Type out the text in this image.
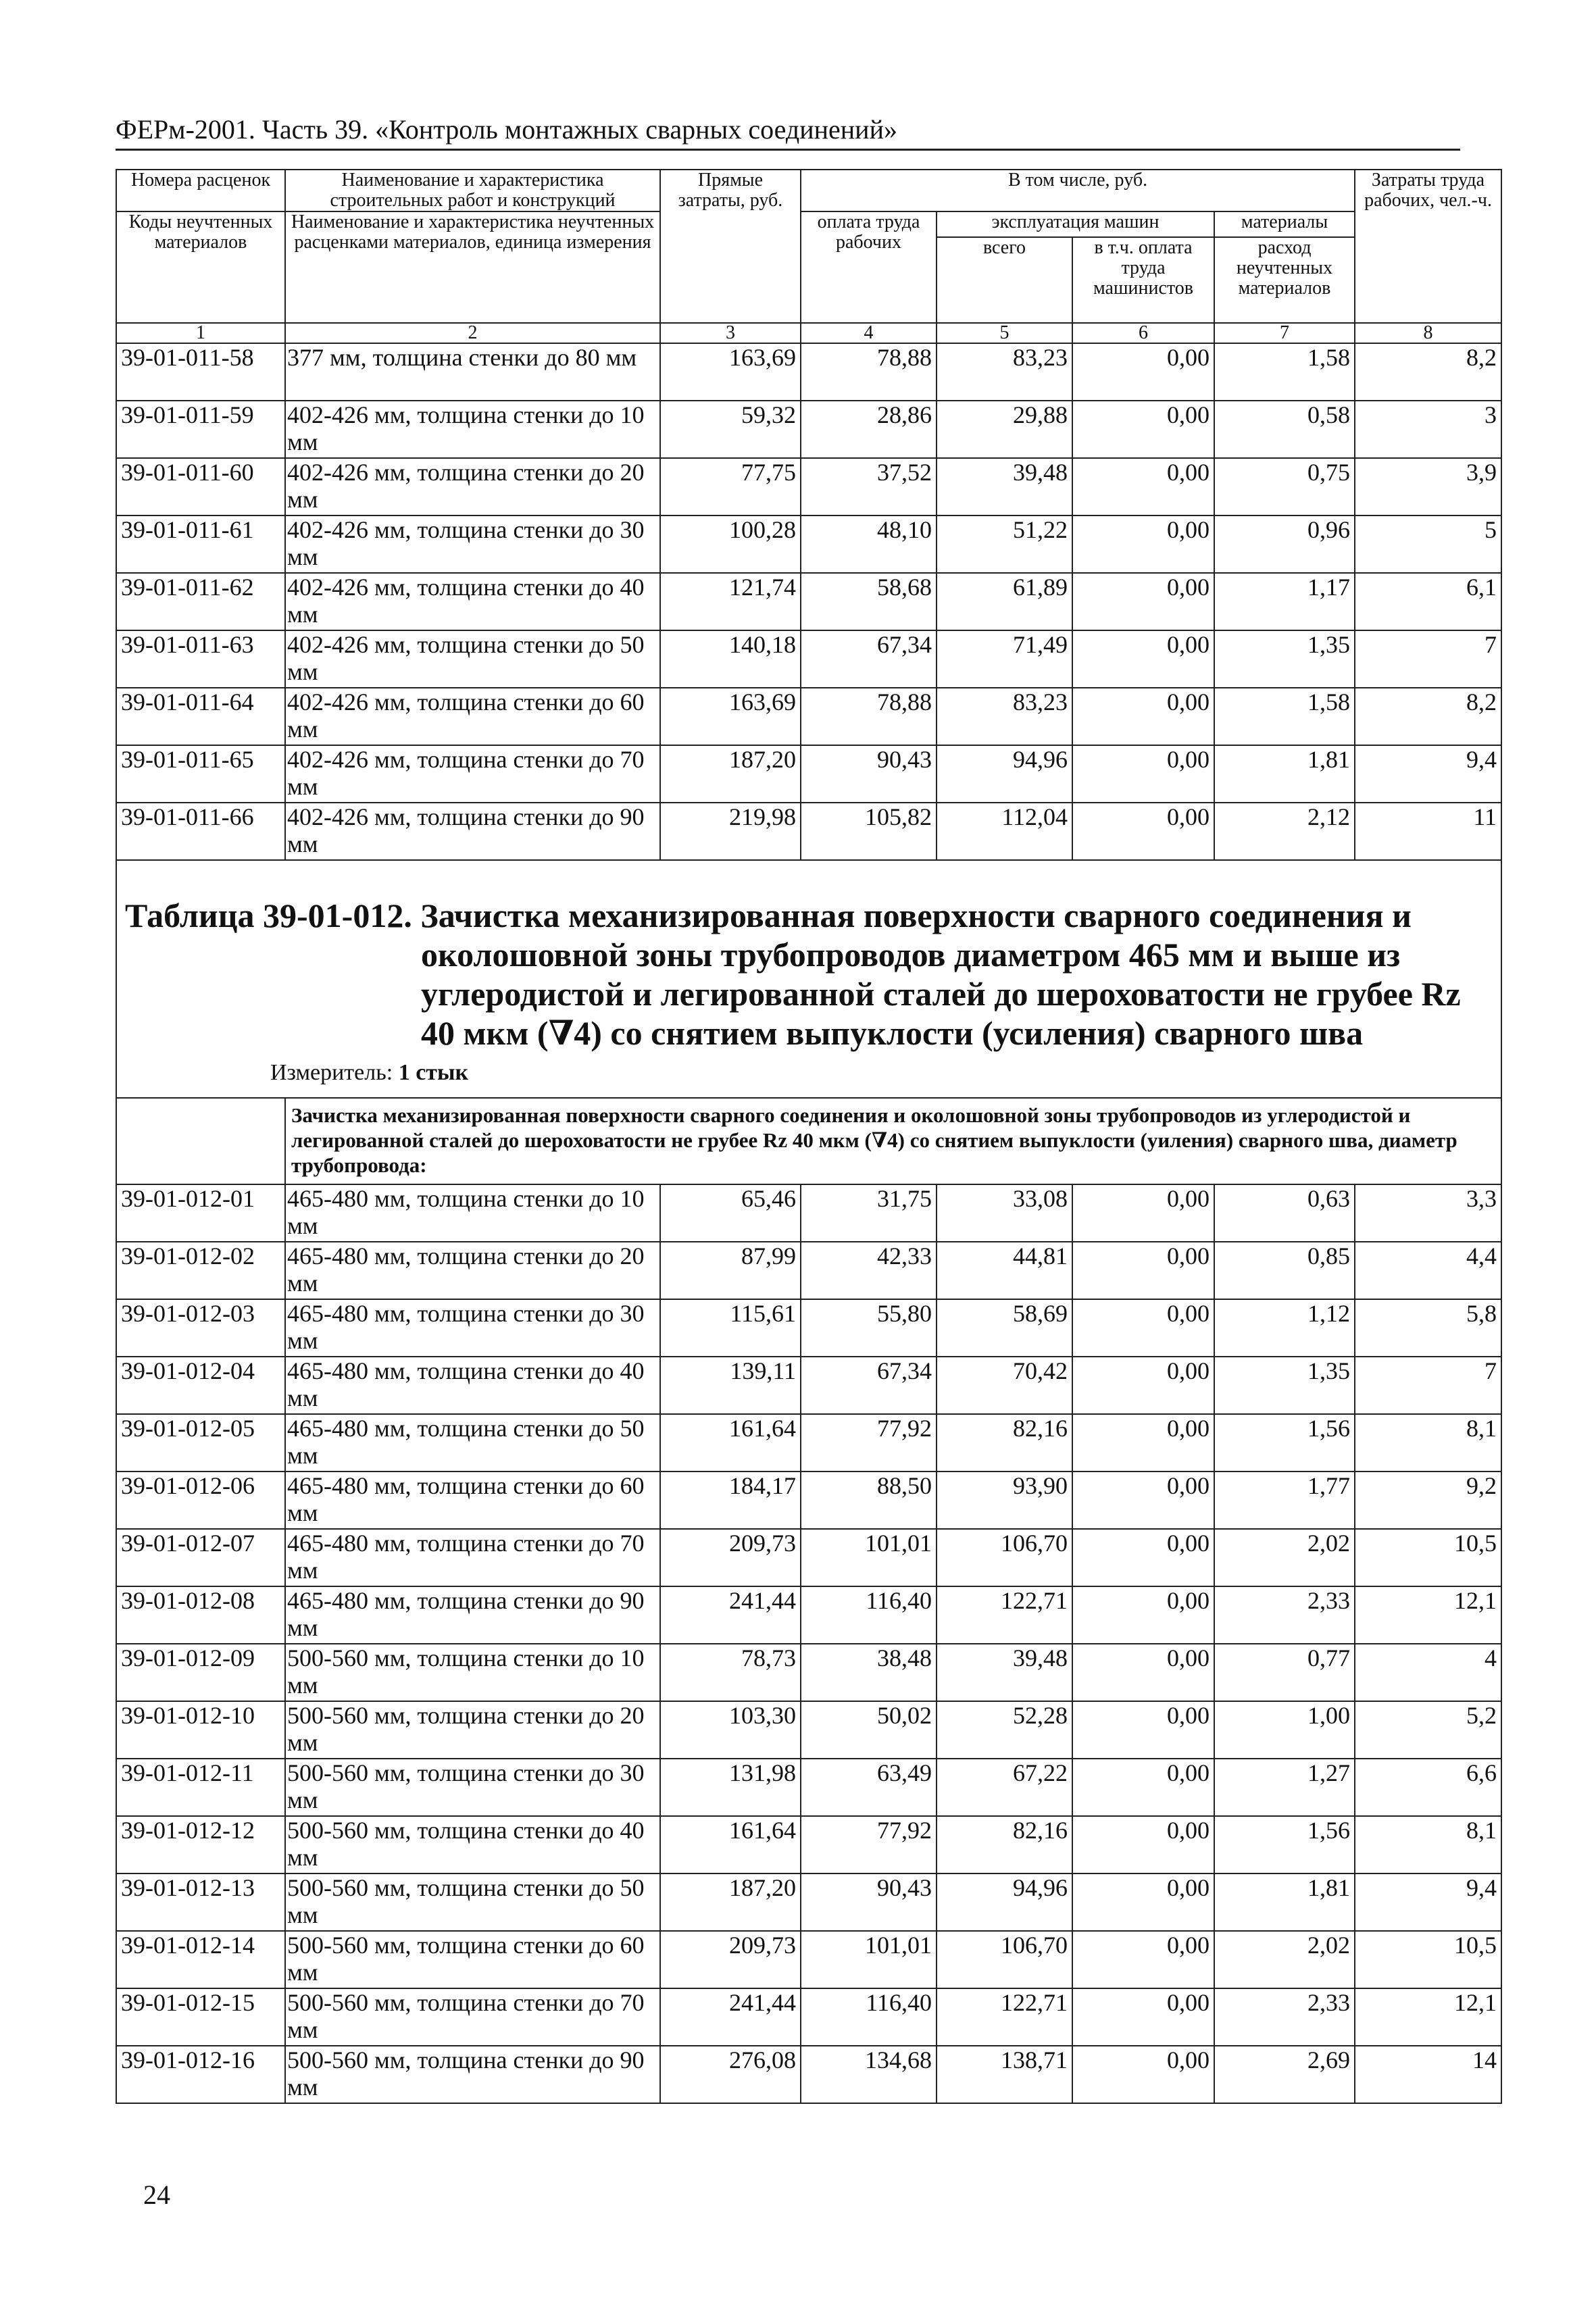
ФЕРм-2001. Часть 39. «Контроль монтажных сварных соединений»
Номера расценок	Наименование и характеристика строительных работ и конструкций	Прямые затраты, руб.	В том числе, руб.				Затраты труда рабочих, чел.-ч.
Коды неучтенных материалов	Наименование и характеристика неучтенных расценками материалов, единица измерения		оплата труда рабочих	эксплуатация машин		материалы	
				всего	в т.ч. оплата труда машинистов	расход неучтенных материалов	
1	2	3	4	5	6	7	8
39-01-011-58	377 мм, толщина стенки до 80 мм	163,69	78,88	83,23	0,00	1,58	8,2
39-01-011-59	402-426 мм, толщина стенки до 10 мм	59,32	28,86	29,88	0,00	0,58	3
39-01-011-60	402-426 мм, толщина стенки до 20 мм	77,75	37,52	39,48	0,00	0,75	3,9
39-01-011-61	402-426 мм, толщина стенки до 30 мм	100,28	48,10	51,22	0,00	0,96	5
39-01-011-62	402-426 мм, толщина стенки до 40 мм	121,74	58,68	61,89	0,00	1,17	6,1
39-01-011-63	402-426 мм, толщина стенки до 50 мм	140,18	67,34	71,49	0,00	1,35	7
39-01-011-64	402-426 мм, толщина стенки до 60 мм	163,69	78,88	83,23	0,00	1,58	8,2
39-01-011-65	402-426 мм, толщина стенки до 70 мм	187,20	90,43	94,96	0,00	1,81	9,4
39-01-011-66	402-426 мм, толщина стенки до 90 мм	219,98	105,82	112,04	0,00	2,12	11

Таблица 39-01-012. Зачистка механизированная поверхности сварного соединения и
околошовной зоны трубопроводов диаметром 465 мм и выше из углеродистой и легированной сталей до шероховатости не грубее Rz 40 мкм (∇4) со снятием выпуклости (усиления) сварного шва
Измеритель: 1 стык							

	Зачистка механизированная поверхности сварного соединения и околошовной зоны трубопроводов из углеродистой и легированной сталей до шероховатости не грубее Rz 40 мкм (∇4) со снятием выпуклости (уиления) сварного шва, диаметр трубопровода:						
39-01-012-01	465-480 мм, толщина стенки до 10 мм	65,46	31,75	33,08	0,00	0,63	3,3
39-01-012-02	465-480 мм, толщина стенки до 20 мм	87,99	42,33	44,81	0,00	0,85	4,4
39-01-012-03	465-480 мм, толщина стенки до 30 мм	115,61	55,80	58,69	0,00	1,12	5,8
39-01-012-04	465-480 мм, толщина стенки до 40 мм	139,11	67,34	70,42	0,00	1,35	7
39-01-012-05	465-480 мм, толщина стенки до 50 мм	161,64	77,92	82,16	0,00	1,56	8,1
39-01-012-06	465-480 мм, толщина стенки до 60 мм	184,17	88,50	93,90	0,00	1,77	9,2
39-01-012-07	465-480 мм, толщина стенки до 70 мм	209,73	101,01	106,70	0,00	2,02	10,5
39-01-012-08	465-480 мм, толщина стенки до 90 мм	241,44	116,40	122,71	0,00	2,33	12,1
39-01-012-09	500-560 мм, толщина стенки до 10 мм	78,73	38,48	39,48	0,00	0,77	4
39-01-012-10	500-560 мм, толщина стенки до 20 мм	103,30	50,02	52,28	0,00	1,00	5,2
39-01-012-11	500-560 мм, толщина стенки до 30 мм	131,98	63,49	67,22	0,00	1,27	6,6
39-01-012-12	500-560 мм, толщина стенки до 40 мм	161,64	77,92	82,16	0,00	1,56	8,1
39-01-012-13	500-560 мм, толщина стенки до 50 мм	187,20	90,43	94,96	0,00	1,81	9,4
39-01-012-14	500-560 мм, толщина стенки до 60 мм	209,73	101,01	106,70	0,00	2,02	10,5
39-01-012-15	500-560 мм, толщина стенки до 70 мм	241,44	116,40	122,71	0,00	2,33	12,1
39-01-012-16	500-560 мм, толщина стенки до 90 мм	276,08	134,68	138,71	0,00	2,69	14
24
